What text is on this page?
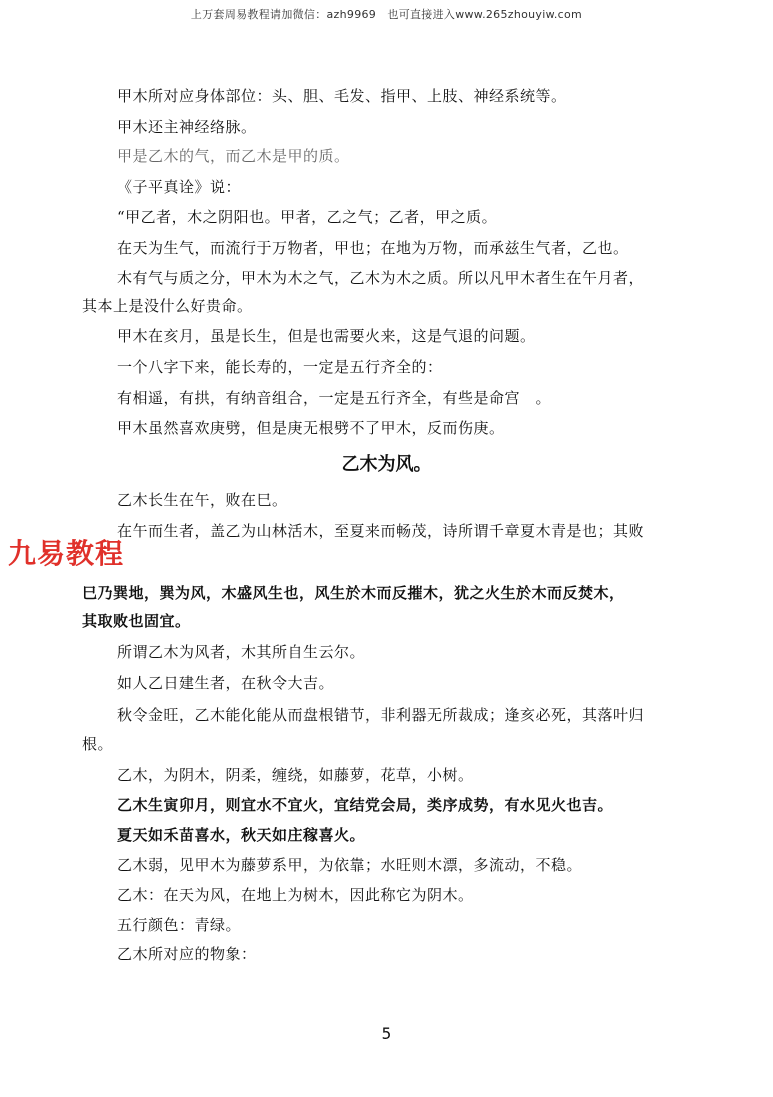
上万套周易教程请加微信：azh9969　也可直接进入www.265zhouyiw.com
甲木所对应身体部位：头、胆、毛发、指甲、上肢、神经系统等。
甲木还主神经络脉。
甲是乙木的气，而乙木是甲的质。
《子平真诠》说：
“甲乙者，木之阴阳也。甲者，乙之气；乙者，甲之质。
在天为生气，而流行于万物者，甲也；在地为万物，而承兹生气者，乙也。
木有气与质之分，甲木为木之气，乙木为木之质。所以凡甲木者生在午月者，
其本上是没什么好贵命。
甲木在亥月，虽是长生，但是也需要火来，这是气退的问题。
一个八字下来，能长寿的，一定是五行齐全的：
有相遥，有拱，有纳音组合，一定是五行齐全，有些是命宫　。
甲木虽然喜欢庚劈，但是庚无根劈不了甲木，反而伤庚。
乙木为风。
乙木长生在午，败在巳。
在午而生者，盖乙为山林活木，至夏来而畅茂，诗所谓千章夏木青是也；其败
巳乃巽地，巽为风，木盛风生也，风生於木而反摧木，犹之火生於木而反焚木，
其取败也固宜。
所谓乙木为风者，木其所自生云尔。
如人乙日建生者，在秋令大吉。
秋令金旺，乙木能化能从而盘根错节，非利器无所裁成；逢亥必死，其落叶归
根。
乙木，为阴木，阴柔，缠绕，如藤萝，花草，小树。
乙木生寅卯月，则宜水不宜火，宜结党会局，类序成势，有水见火也吉。
夏天如禾苗喜水，秋天如庄稼喜火。
乙木弱，见甲木为藤萝系甲，为依靠；水旺则木漂，多流动，不稳。
乙木：在天为风，在地上为树木，因此称它为阴木。
五行颜色：青绿。
乙木所对应的物象：
九易教程
5
